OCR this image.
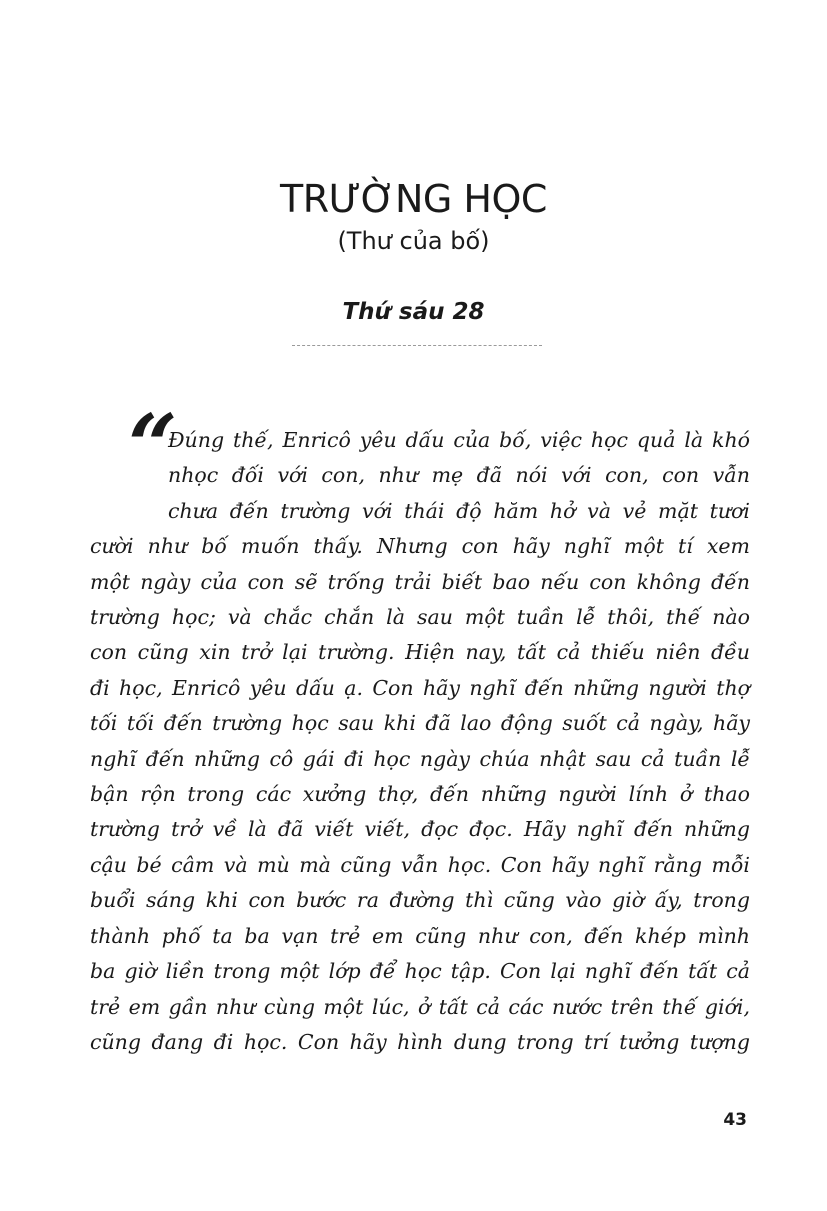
TRƯỜNG HỌC
(Thư của bố)
Thứ sáu 28
“
Đúng thế, Enricô yêu dấu của bố, việc học quả là khó
nhọc đối với con, như mẹ đã nói với con, con vẫn
chưa đến trường với thái độ hăm hở và vẻ mặt tươi
cười như bố muốn thấy. Nhưng con hãy nghĩ một tí xem
một ngày của con sẽ trống trải biết bao nếu con không đến
trường học; và chắc chắn là sau một tuần lễ thôi, thế nào
con cũng xin trở lại trường. Hiện nay, tất cả thiếu niên đều
đi học, Enricô yêu dấu ạ. Con hãy nghĩ đến những người thợ
tối tối đến trường học sau khi đã lao động suốt cả ngày, hãy
nghĩ đến những cô gái đi học ngày chúa nhật sau cả tuần lễ
bận rộn trong các xưởng thợ, đến những người lính ở thao
trường trở về là đã viết viết, đọc đọc. Hãy nghĩ đến những
cậu bé câm và mù mà cũng vẫn học. Con hãy nghĩ rằng mỗi
buổi sáng khi con bước ra đường thì cũng vào giờ ấy, trong
thành phố ta ba vạn trẻ em cũng như con, đến khép mình
ba giờ liền trong một lớp để học tập. Con lại nghĩ đến tất cả
trẻ em gần như cùng một lúc, ở tất cả các nước trên thế giới,
cũng đang đi học. Con hãy hình dung trong trí tưởng tượng
43
